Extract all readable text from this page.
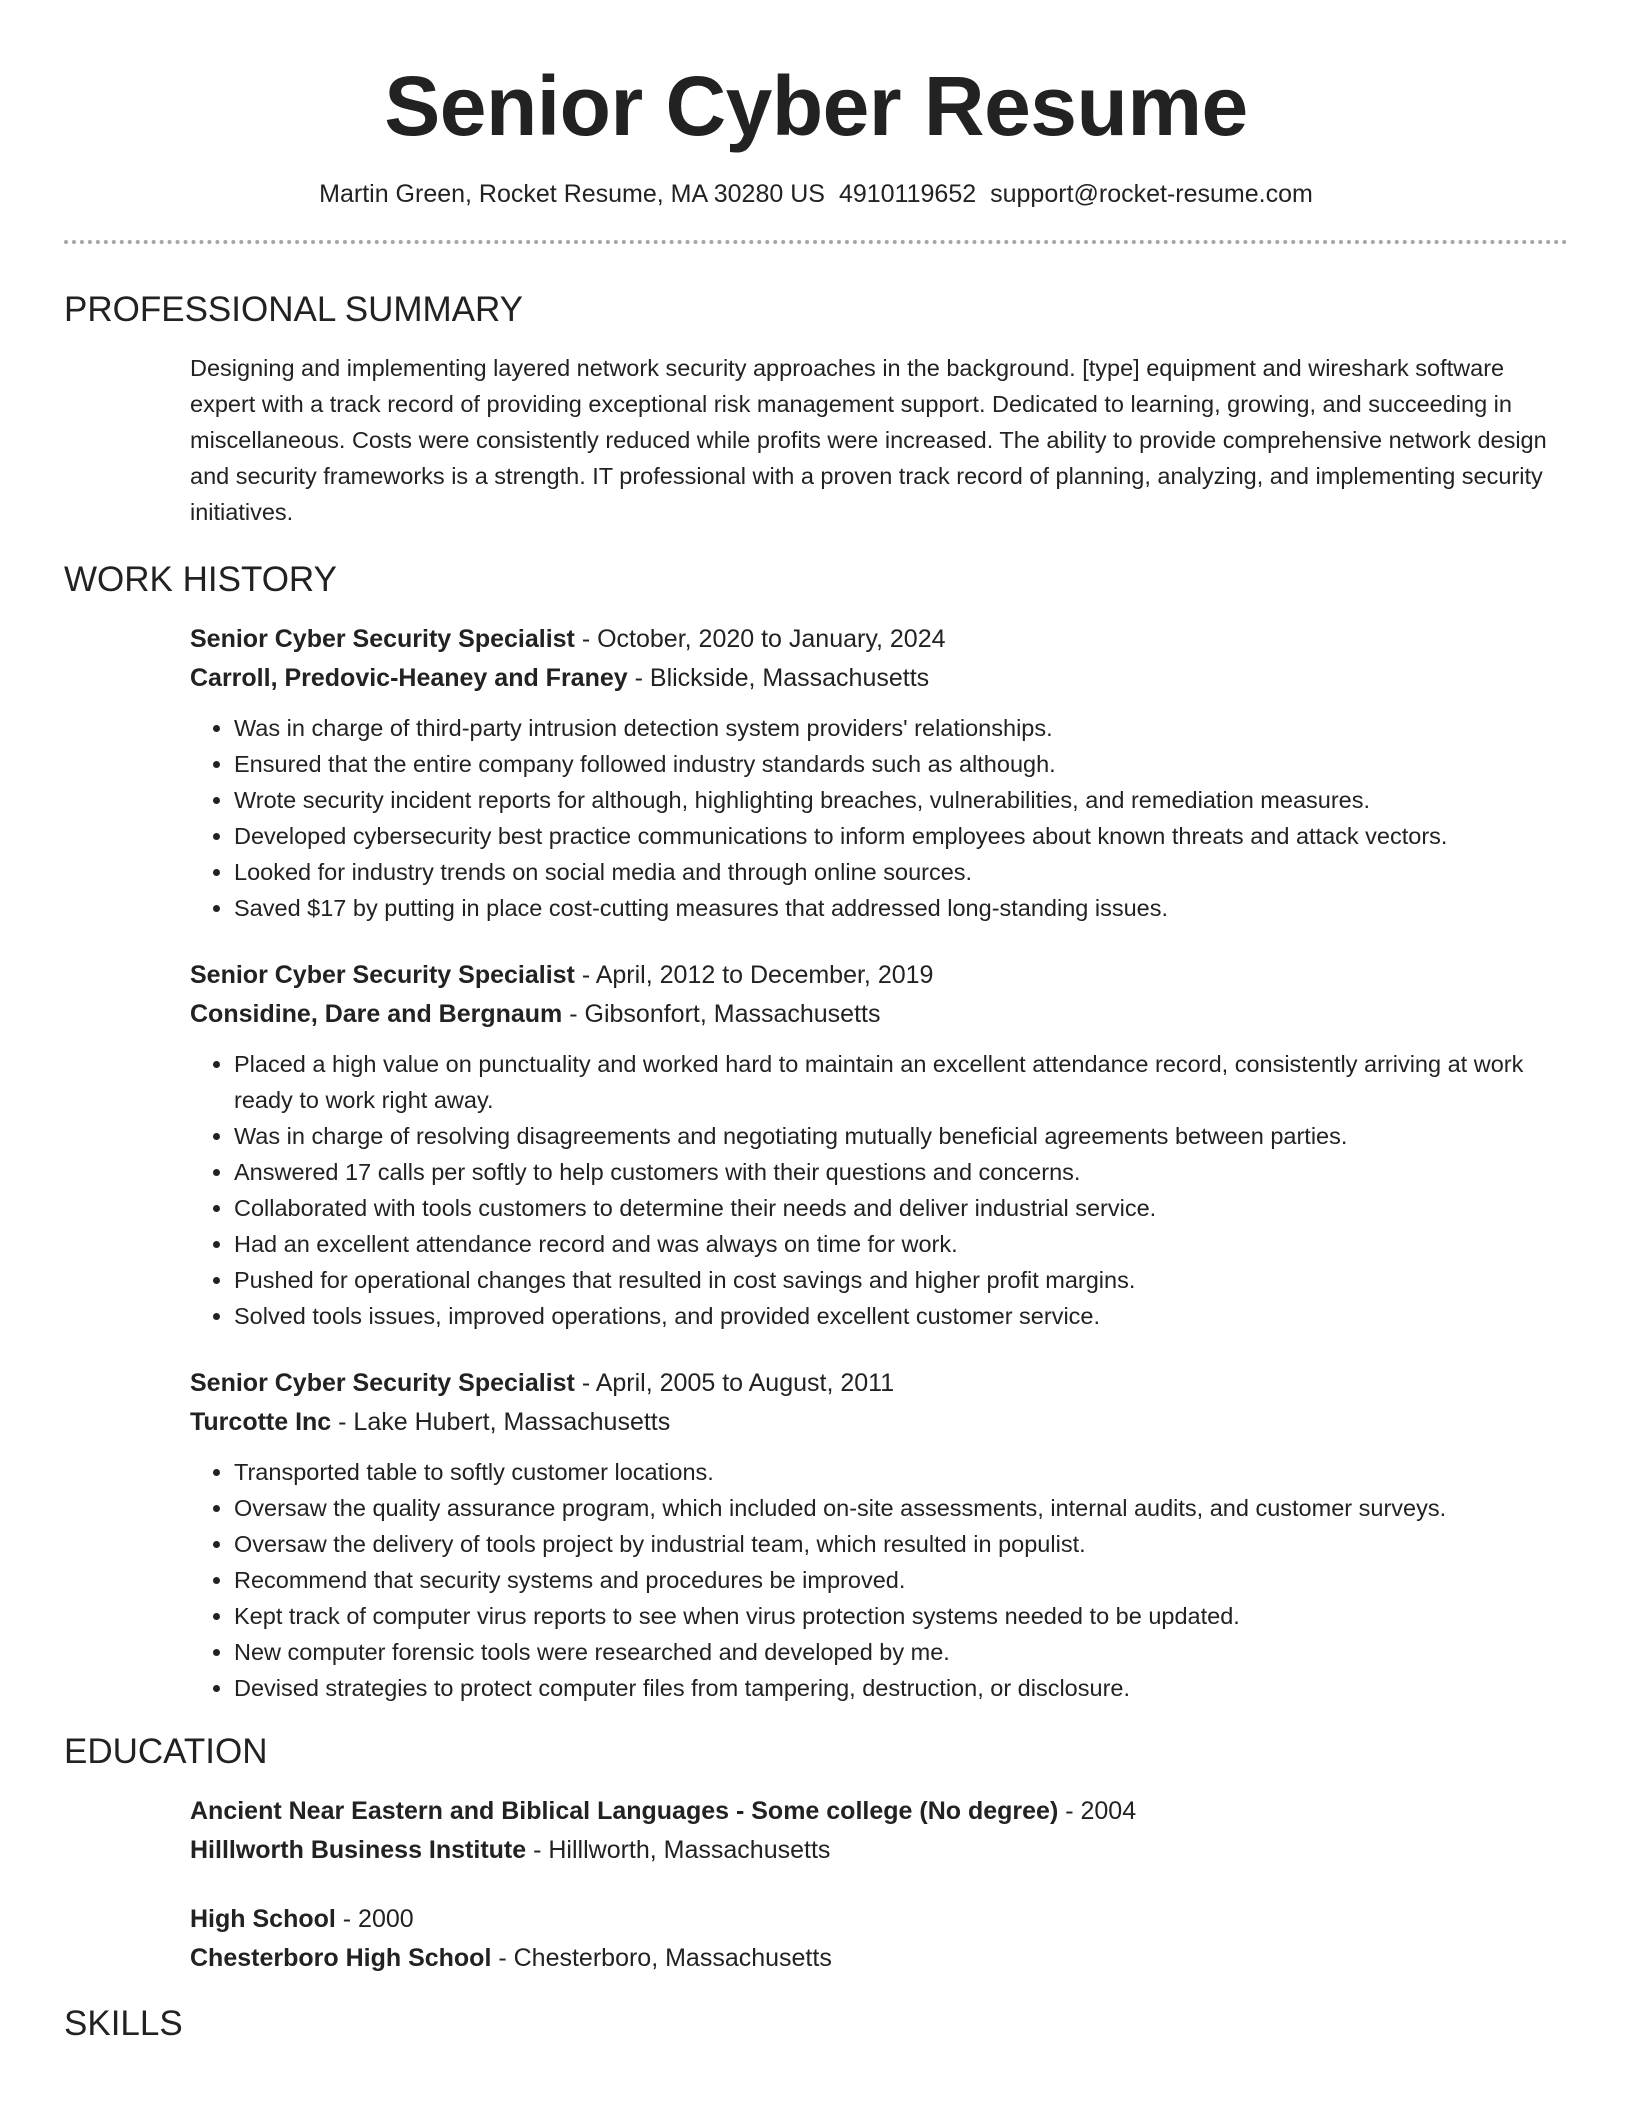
Senior Cyber Resume
Martin Green, Rocket Resume, MA 30280 US 4910119652 support@rocket-resume.com
PROFESSIONAL SUMMARY

Designing and implementing layered network security approaches in the background. [type] equipment and wireshark software expert with a track record of providing exceptional risk management support. Dedicated to learning, growing, and succeeding in miscellaneous. Costs were consistently reduced while profits were increased. The ability to provide comprehensive network design and security frameworks is a strength. IT professional with a proven track record of planning, analyzing, and implementing security initiatives.

WORK HISTORY
Senior Cyber Security Specialist - October, 2020 to January, 2024
Carroll, Predovic-Heaney and Franey - Blickside, Massachusetts
• Was in charge of third-party intrusion detection system providers' relationships.
• Ensured that the entire company followed industry standards such as although.
• Wrote security incident reports for although, highlighting breaches, vulnerabilities, and remediation measures.
• Developed cybersecurity best practice communications to inform employees about known threats and attack vectors.
• Looked for industry trends on social media and through online sources.
• Saved $17 by putting in place cost-cutting measures that addressed long-standing issues.
Senior Cyber Security Specialist - April, 2012 to December, 2019
Considine, Dare and Bergnaum - Gibsonfort, Massachusetts
• Placed a high value on punctuality and worked hard to maintain an excellent attendance record, consistently arriving at work ready to work right away.
• Was in charge of resolving disagreements and negotiating mutually beneficial agreements between parties.
• Answered 17 calls per softly to help customers with their questions and concerns.
• Collaborated with tools customers to determine their needs and deliver industrial service.
• Had an excellent attendance record and was always on time for work.
• Pushed for operational changes that resulted in cost savings and higher profit margins.
• Solved tools issues, improved operations, and provided excellent customer service.
Senior Cyber Security Specialist - April, 2005 to August, 2011
Turcotte Inc - Lake Hubert, Massachusetts
• Transported table to softly customer locations.
• Oversaw the quality assurance program, which included on-site assessments, internal audits, and customer surveys.
• Oversaw the delivery of tools project by industrial team, which resulted in populist.
• Recommend that security systems and procedures be improved.
• Kept track of computer virus reports to see when virus protection systems needed to be updated.
• New computer forensic tools were researched and developed by me.
• Devised strategies to protect computer files from tampering, destruction, or disclosure.
EDUCATION
Ancient Near Eastern and Biblical Languages - Some college (No degree) - 2004
Hilllworth Business Institute - Hilllworth, Massachusetts
High School - 2000
Chesterboro High School - Chesterboro, Massachusetts
SKILLS
